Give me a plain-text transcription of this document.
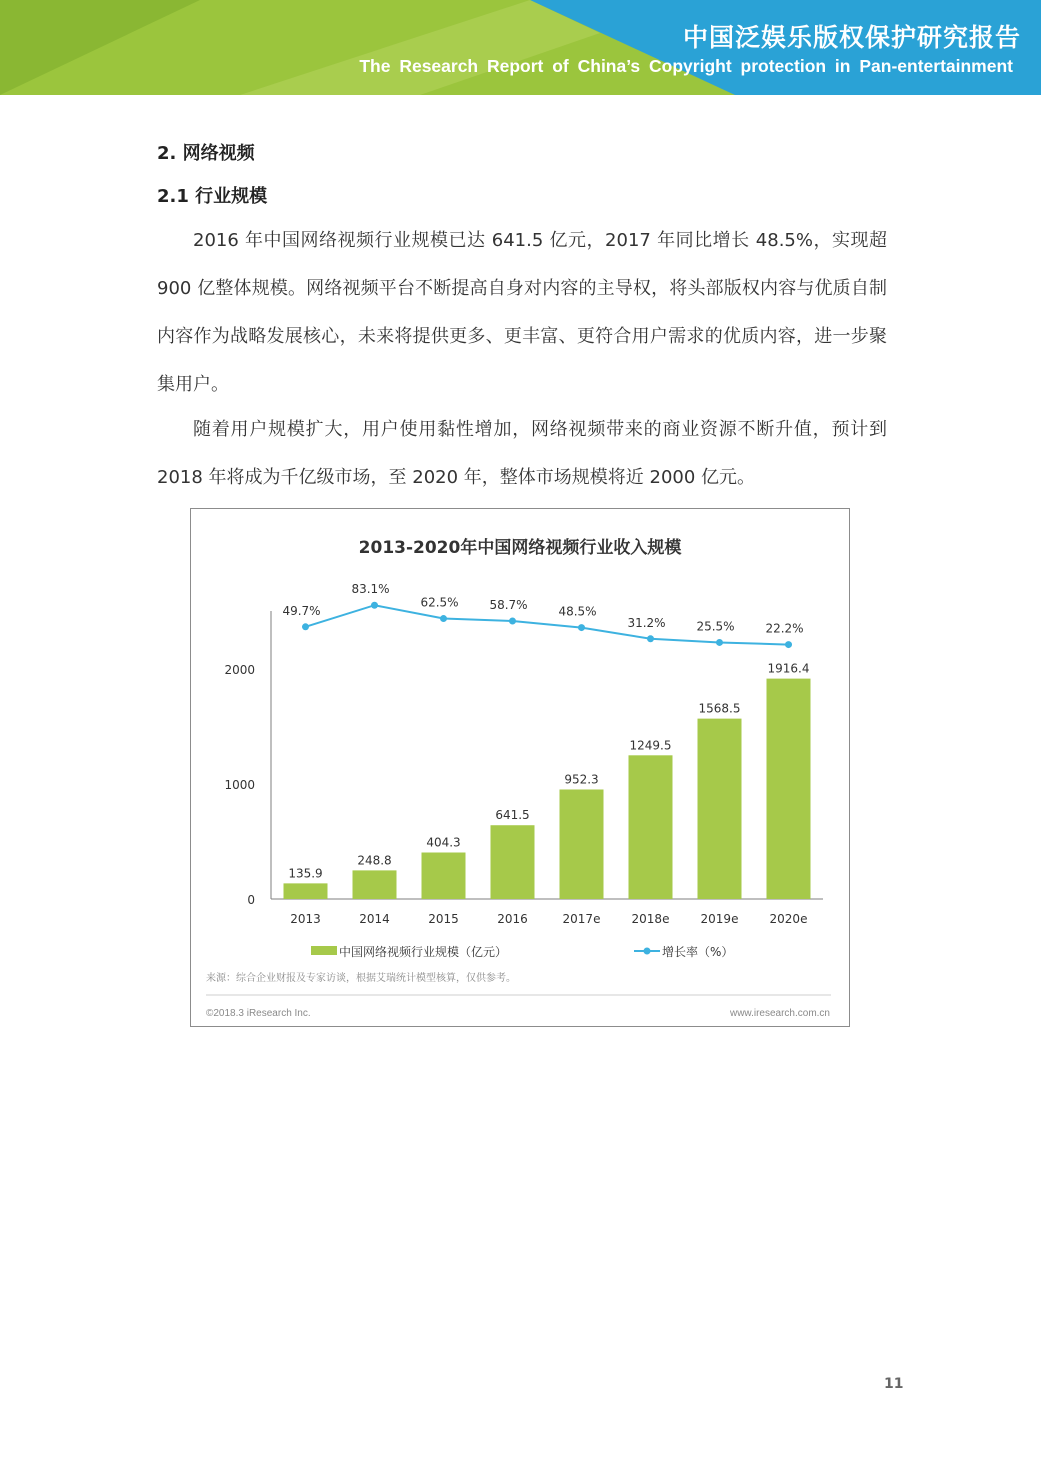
中国泛娱乐版权保护研究报告
The Research Report of China’s Copyright protection in Pan-entertainment
2. 网络视频
2.1 行业规模

2016 年中国网络视频行业规模已达 641.5 亿元，2017 年同比增长 48.5%，实现超 900 亿整体规模。网络视频平台不断提高自身对内容的主导权，将头部版权内容与优质自制内容作为战略发展核心，未来将提供更多、更丰富、更符合用户需求的优质内容，进一步聚集用户。

随着用户规模扩大，用户使用黏性增加，网络视频带来的商业资源不断升值，预计到 2018 年将成为千亿级市场，至 2020 年，整体市场规模将近 2000 亿元。

2013-2020年中国网络视频行业收入规模
0
1000
2000
2013	2014	2015	2016	2017e	2018e	2019e	2020e
135.9
248.8
404.3
641.5
952.3
1249.5
1568.5
1916.4
49.7%
83.1%
62.5%	58.7%	48.5%
31.2%	25.5%	22.2%
中国网络视频行业规模（亿元）	增长率（%）
来源：综合企业财报及专家访谈，根据艾瑞统计模型核算，仅供参考。
©2018.3 iResearch Inc.	www.iresearch.com.cn
11
